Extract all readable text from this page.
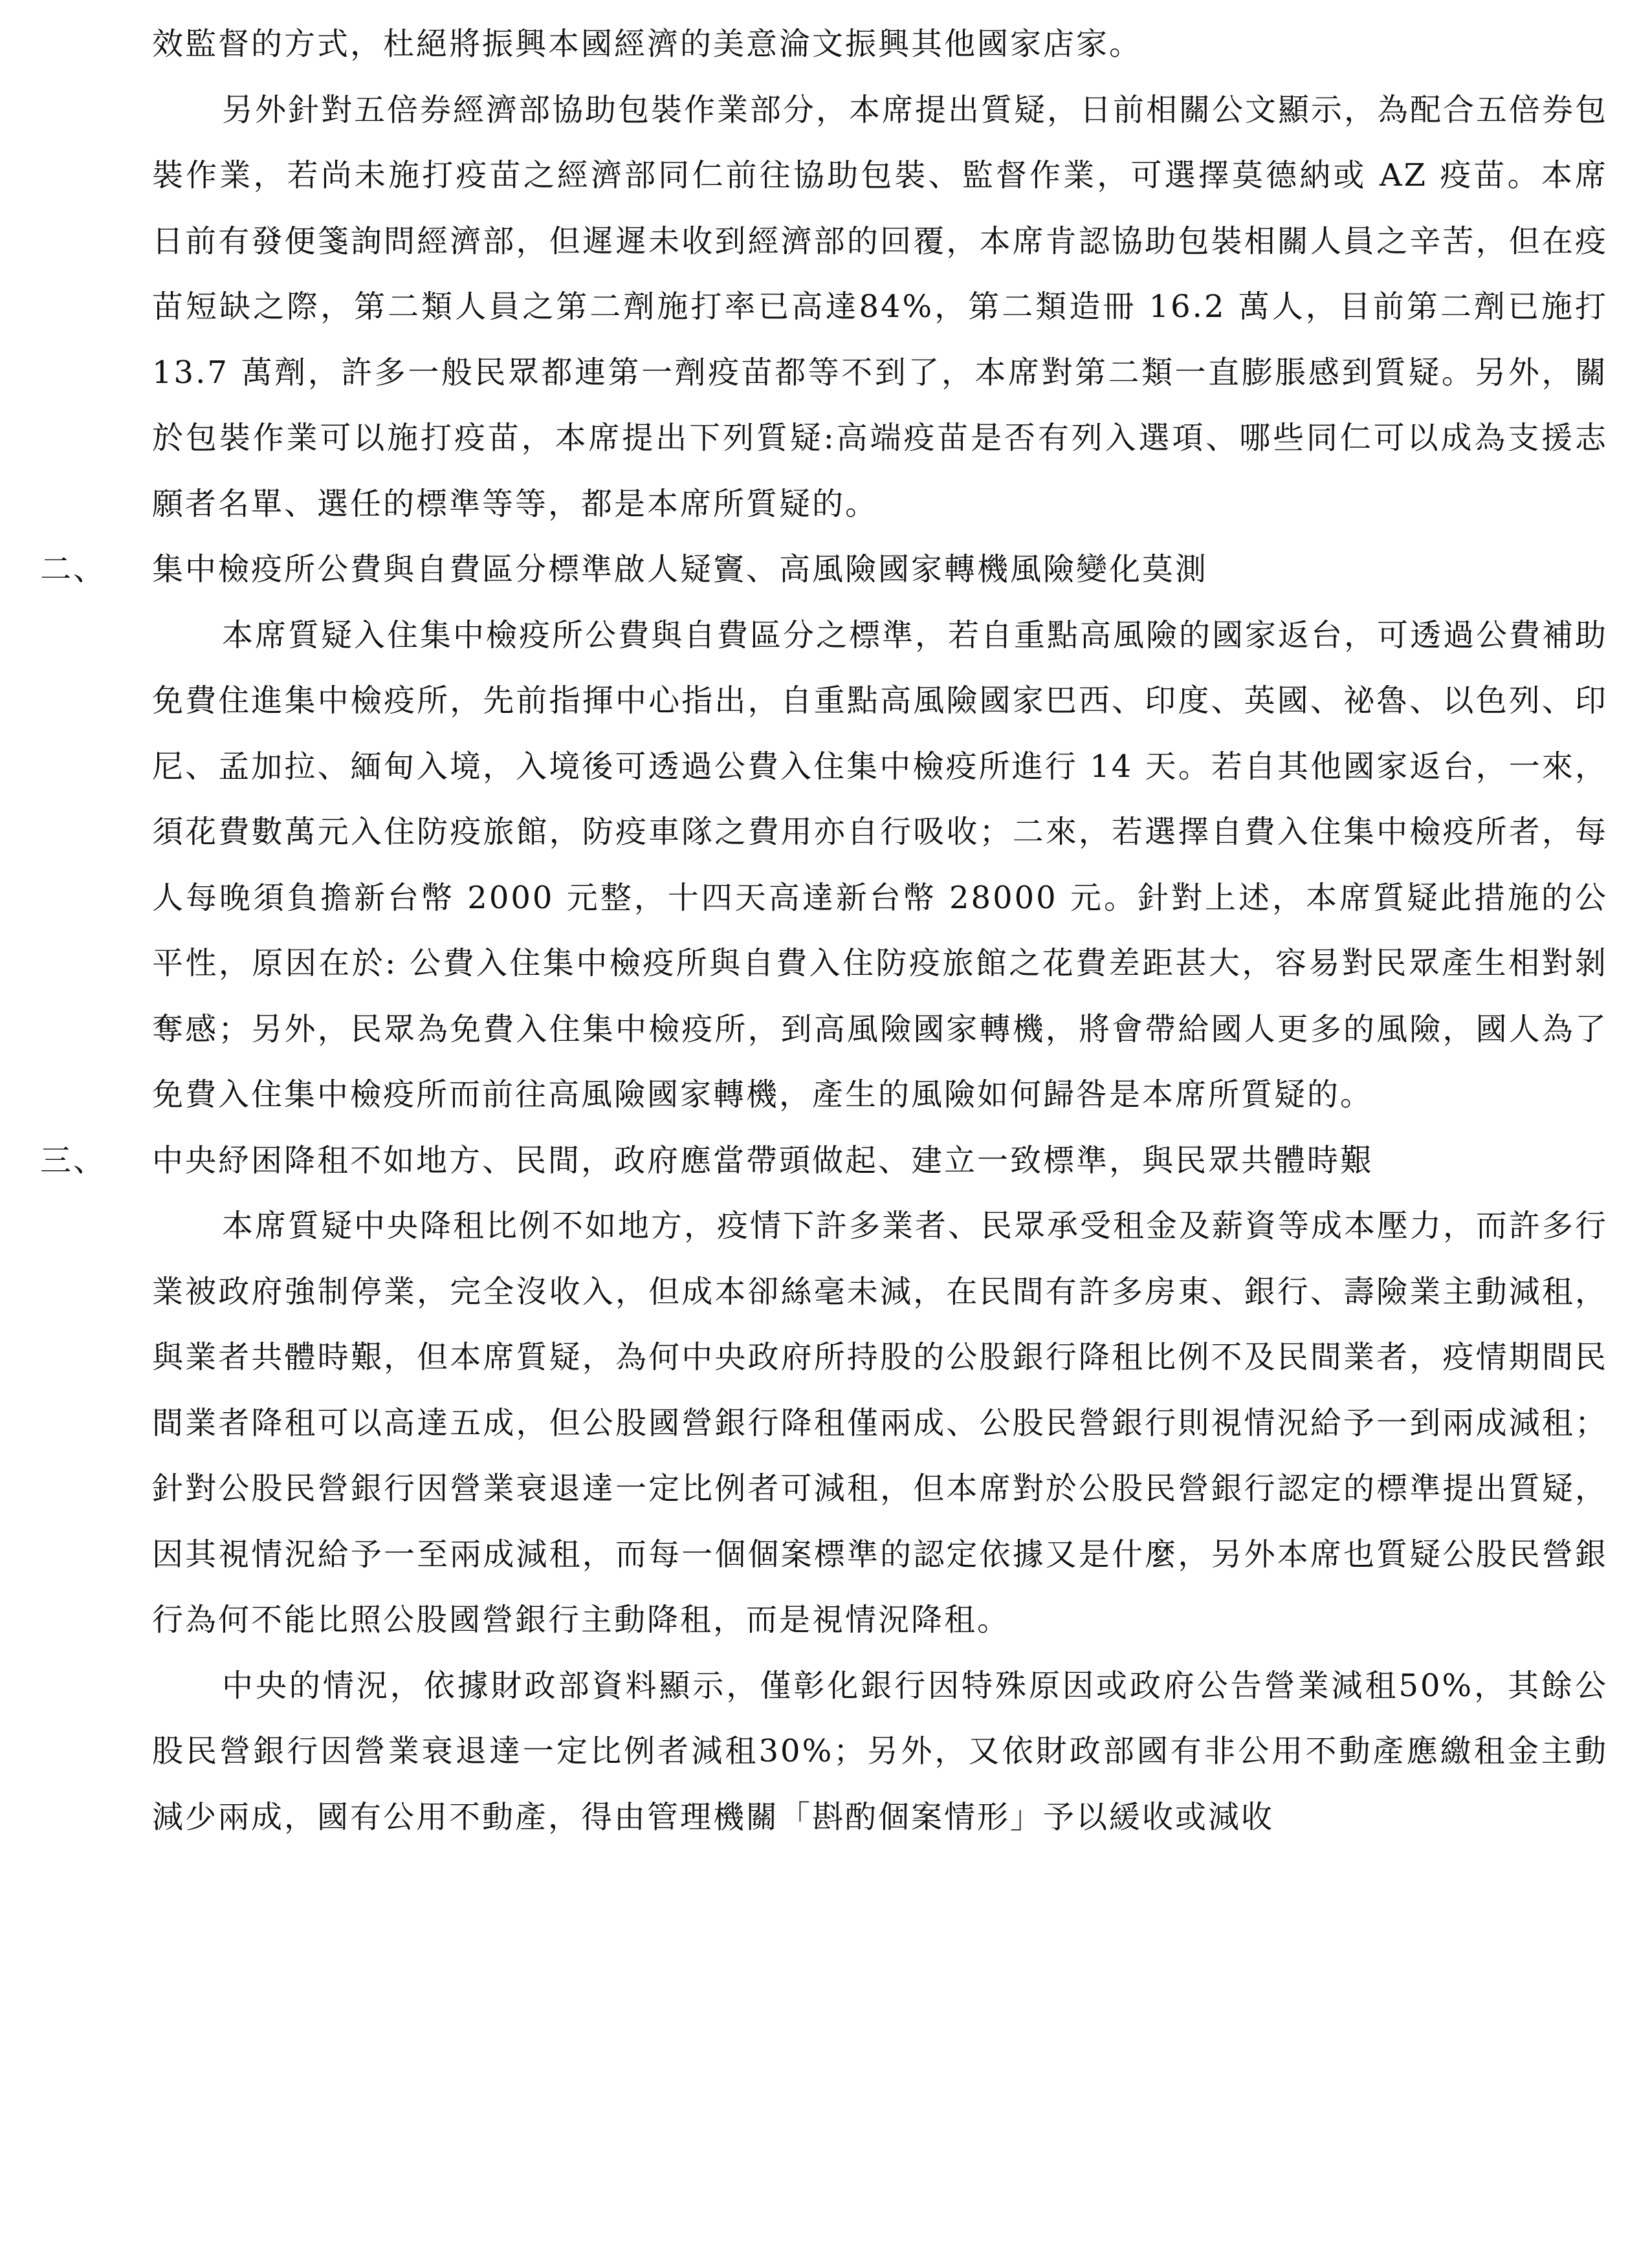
效監督的方式，杜絕將振興本國經濟的美意淪文振興其他國家店家。

另外針對五倍券經濟部協助包裝作業部分，本席提出質疑，日前相關公文顯示，為配合五倍券包裝作業，若尚未施打疫苗之經濟部同仁前往協助包裝、監督作業，可選擇莫德納或 AZ 疫苗。本席日前有發便箋詢問經濟部，但遲遲未收到經濟部的回覆，本席肯認協助包裝相關人員之辛苦，但在疫苗短缺之際，第二類人員之第二劑施打率已高達84%，第二類造冊 16.2 萬人，目前第二劑已施打 13.7 萬劑，許多一般民眾都連第一劑疫苗都等不到了，本席對第二類一直膨脹感到質疑。另外，關於包裝作業可以施打疫苗，本席提出下列質疑:高端疫苗是否有列入選項、哪些同仁可以成為支援志願者名單、選任的標準等等，都是本席所質疑的。

二、 集中檢疫所公費與自費區分標準啟人疑竇、高風險國家轉機風險變化莫測

本席質疑入住集中檢疫所公費與自費區分之標準，若自重點高風險的國家返台，可透過公費補助免費住進集中檢疫所，先前指揮中心指出，自重點高風險國家巴西、印度、英國、祕魯、以色列、印尼、孟加拉、緬甸入境，入境後可透過公費入住集中檢疫所進行 14 天。若自其他國家返台，一來，須花費數萬元入住防疫旅館，防疫車隊之費用亦自行吸收；二來，若選擇自費入住集中檢疫所者，每人每晚須負擔新台幣 2000 元整，十四天高達新台幣 28000 元。針對上述，本席質疑此措施的公平性，原因在於: 公費入住集中檢疫所與自費入住防疫旅館之花費差距甚大，容易對民眾產生相對剝奪感；另外，民眾為免費入住集中檢疫所，到高風險國家轉機，將會帶給國人更多的風險，國人為了免費入住集中檢疫所而前往高風險國家轉機，產生的風險如何歸咎是本席所質疑的。

三、 中央紓困降租不如地方、民間，政府應當帶頭做起、建立一致標準，與民眾共體時艱

本席質疑中央降租比例不如地方，疫情下許多業者、民眾承受租金及薪資等成本壓力，而許多行業被政府強制停業，完全沒收入，但成本卻絲毫未減，在民間有許多房東、銀行、壽險業主動減租，與業者共體時艱，但本席質疑，為何中央政府所持股的公股銀行降租比例不及民間業者，疫情期間民間業者降租可以高達五成，但公股國營銀行降租僅兩成、公股民營銀行則視情況給予一到兩成減租；針對公股民營銀行因營業衰退達一定比例者可減租，但本席對於公股民營銀行認定的標準提出質疑，因其視情況給予一至兩成減租，而每一個個案標準的認定依據又是什麼，另外本席也質疑公股民營銀行為何不能比照公股國營銀行主動降租，而是視情況降租。

中央的情況，依據財政部資料顯示，僅彰化銀行因特殊原因或政府公告營業減租50%，其餘公股民營銀行因營業衰退達一定比例者減租30%；另外，又依財政部國有非公用不動產應繳租金主動減少兩成，國有公用不動產，得由管理機關「斟酌個案情形」予以緩收或減收
